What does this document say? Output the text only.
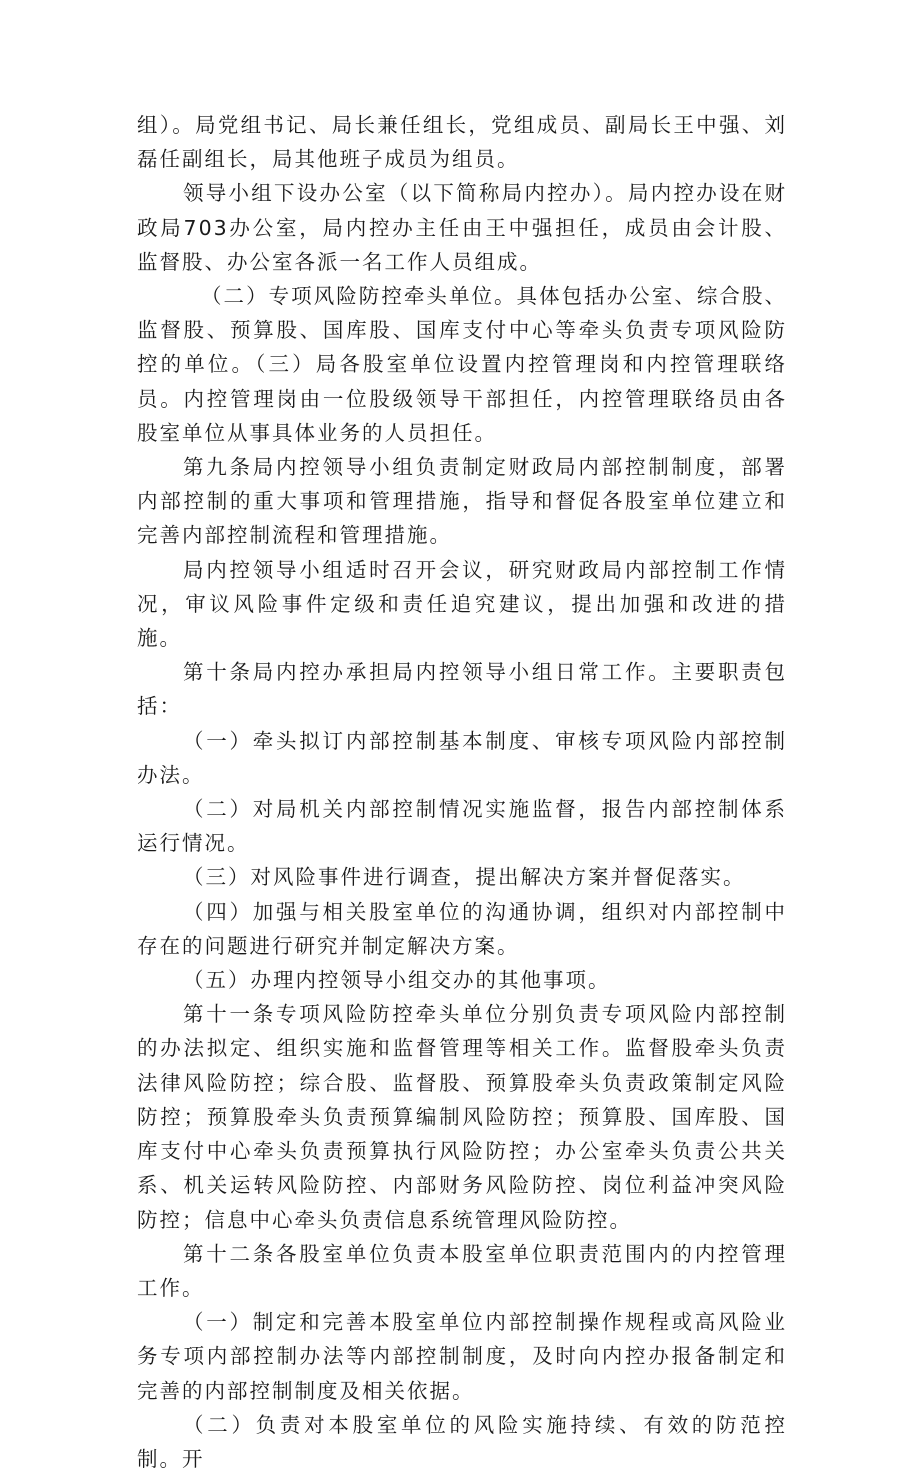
组）。局党组书记、局长兼任组长，党组成员、副局长王中强、刘磊任副组长，局其他班子成员为组员。

领导小组下设办公室（以下简称局内控办）。局内控办设在财政局703办公室，局内控办主任由王中强担任，成员由会计股、监督股、办公室各派一名工作人员组成。

（二）专项风险防控牵头单位。具体包括办公室、综合股、监督股、预算股、国库股、国库支付中心等牵头负责专项风险防控的单位。（三）局各股室单位设置内控管理岗和内控管理联络员。内控管理岗由一位股级领导干部担任，内控管理联络员由各股室单位从事具体业务的人员担任。

第九条局内控领导小组负责制定财政局内部控制制度，部署内部控制的重大事项和管理措施，指导和督促各股室单位建立和完善内部控制流程和管理措施。

局内控领导小组适时召开会议，研究财政局内部控制工作情况，审议风险事件定级和责任追究建议，提出加强和改进的措施。

第十条局内控办承担局内控领导小组日常工作。主要职责包括：

（一）牵头拟订内部控制基本制度、审核专项风险内部控制办法。

（二）对局机关内部控制情况实施监督，报告内部控制体系运行情况。

（三）对风险事件进行调查，提出解决方案并督促落实。

（四）加强与相关股室单位的沟通协调，组织对内部控制中存在的问题进行研究并制定解决方案。

（五）办理内控领导小组交办的其他事项。

第十一条专项风险防控牵头单位分别负责专项风险内部控制的办法拟定、组织实施和监督管理等相关工作。监督股牵头负责法律风险防控；综合股、监督股、预算股牵头负责政策制定风险防控；预算股牵头负责预算编制风险防控；预算股、国库股、国库支付中心牵头负责预算执行风险防控；办公室牵头负责公共关系、机关运转风险防控、内部财务风险防控、岗位利益冲突风险防控；信息中心牵头负责信息系统管理风险防控。

第十二条各股室单位负责本股室单位职责范围内的内控管理工作。

（一）制定和完善本股室单位内部控制操作规程或高风险业务专项内部控制办法等内部控制制度，及时向内控办报备制定和完善的内部控制制度及相关依据。

（二）负责对本股室单位的风险实施持续、有效的防范控制。开
